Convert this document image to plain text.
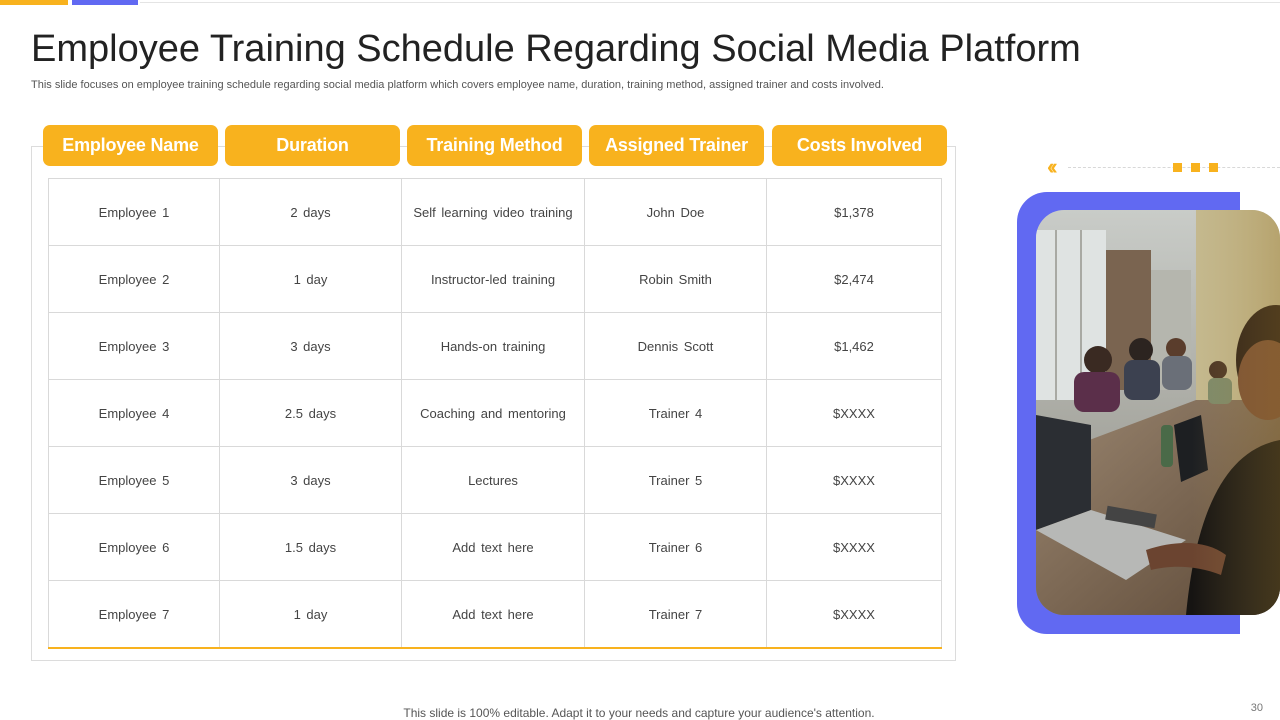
Employee Training Schedule Regarding Social Media Platform
This slide focuses on employee training schedule regarding social media platform which covers employee name, duration, training method, assigned trainer and costs involved.
Employee Name	Duration	Training Method	Assigned Trainer	Costs Involved
Employee 1	2 days	Self learning video training	John Doe	$1,378
Employee 2	1 day	Instructor-led training	Robin Smith	$2,474
Employee 3	3 days	Hands-on training	Dennis Scott	$1,462
Employee 4	2.5 days	Coaching and mentoring	Trainer 4	$XXXX
Employee 5	3 days	Lectures	Trainer 5	$XXXX
Employee 6	1.5 days	Add text here	Trainer 6	$XXXX
Employee 7	1 day	Add text here	Trainer 7	$XXXX
‹‹
This slide is 100% editable. Adapt it to your needs and capture your audience's attention.	30
